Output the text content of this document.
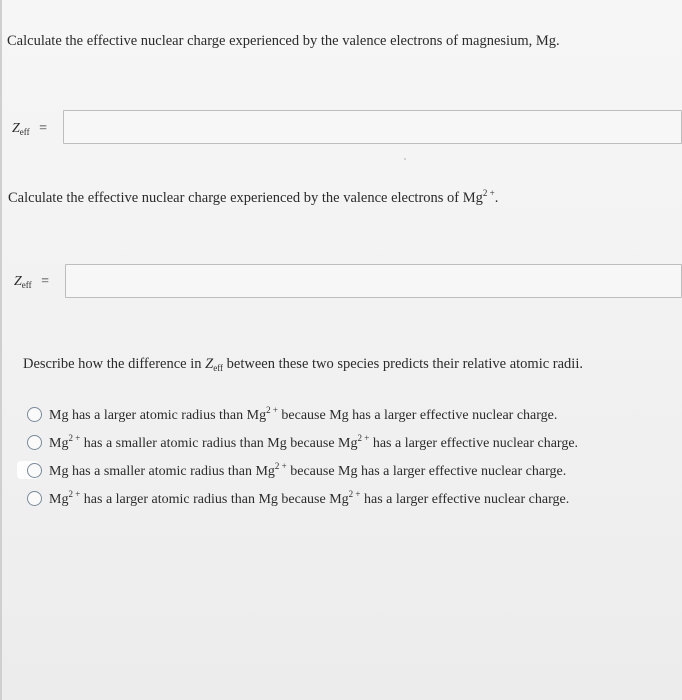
Calculate the effective nuclear charge experienced by the valence electrons of magnesium, Mg.
$Z_{eff}$ =
Calculate the effective nuclear charge experienced by the valence electrons of $Mg^{2 +}$.
$Z_{eff}$ =
Describe how the difference in $Z_{eff}$ between these two species predicts their relative atomic radii.
Mg has a larger atomic radius than Mg$^2$ + because Mg has a larger effective nuclear charge.
Mg$^2$ + has a smaller atomic radius than Mg because Mg$^2$ + has a larger effective nuclear charge.
Mg has a smaller atomic radius than Mg$^2$ + because Mg has a larger effective nuclear charge.
Mg$^2$ + has a larger atomic radius than Mg because Mg$^2$ + has a larger effective nuclear charge.
